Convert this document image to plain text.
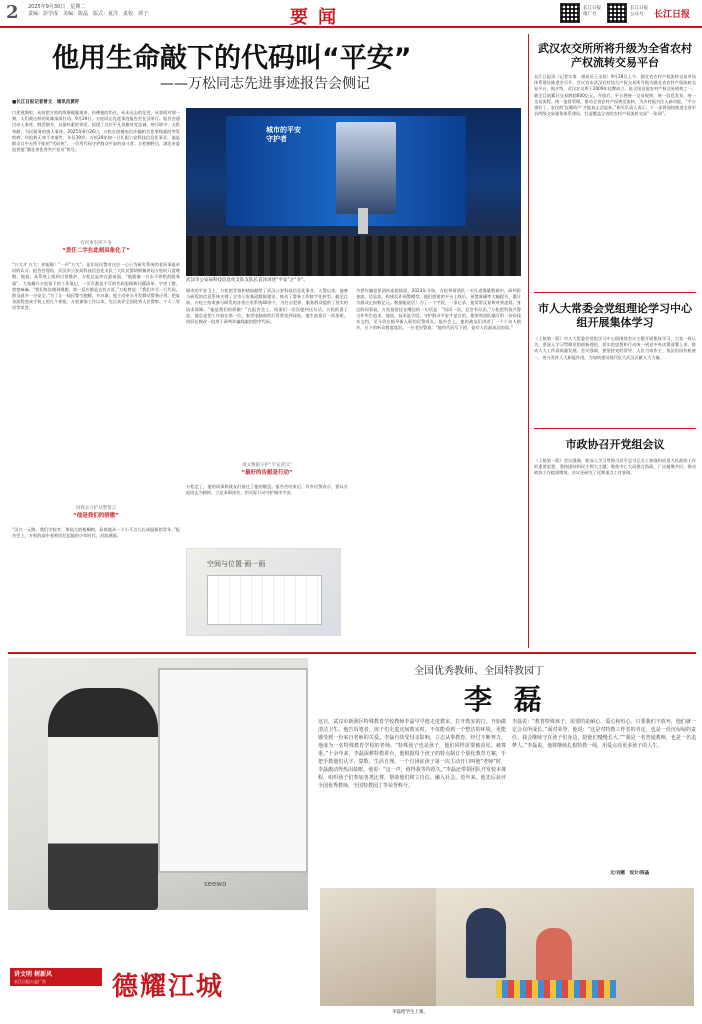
2 2025年9月30日　星期二
责编：彭学成　美编：陈晶　版式：夏洋　责校：谭子	要闻	长江日报
推广号
长江日报
公众号	长江日报
他用生命敲下的代码叫“平安”
——万松同志先进事迹报告会侧记
■长江日报记者曾文　通讯员黄轩
口述视频里，从何把万松的故事娓娓道来，仿佛他的仍在，从未远去的足迹，从容面对那一刻，人们被这样的英雄深深打动。9月29日，万松同志先进事迹报告会在汉举行。报告会通过动人事迹、鲜活细节，以最朴素的讲述，再现了这位平凡英雄对党忠诚、恪尽职守、无私奉献、为民服务的感人事迹。2025年8月26日，万松在批捕电信诈骗相关犯罪线索时突发疾病，经抢救无效不幸逝世，年仅39岁。万松28年如一日扎根公安科技信息化事业，他是群众口中无所不能的“代码侠”，一位用代码守护群众平安的奋斗者。万松牺牲后，湖北省委追授他“湖北省优秀共产党员”称号。
有何事有所不争
“责任二字在此刻具象化了”
“万大才 万大！你能顺！”一声“万大”，是年轻民警对这位一心只为研究系统的老同事最亲切的认可。报告会现场，武汉市公安局科技信息化支队三大队民警胡炳楠讲起万松时几度哽咽。他说，从系统上线到日常维护，万松总是冲在最前面，“他就像一台永不停机的服务器”。大家翻开万松留下的工作笔记，一页页都是手写的代码思路和问题清单，字迹工整、密密麻麻。“我们每次遇到难题，第一反应都是去找万哥。”万松曾说：“我们多写一行代码，群众就多一分安全。”为了让一线民警少跑腿、多办事，他主动牵头开发移动警务应用，把复杂流程变成手机上的几个按钮。万松参加工作以来，先后获评全国优秀人民警察、个人二等功等荣誉。
用我去守护从警誓言
“他是我们的骄傲”
“汉口一元路，我们学校旁，那高大的梧桐树，看着他从一个小不点儿长成挺拔的青年。”报告会上，万松的高中老师回忆起他的少年时代，泪流满面。
城市的平安
守护者
武汉市公安局科技信息化支队支队长袁泽讲述“平安”之“争”。
城市的平安卫士，万松把青春和热血献给了武汉公安科技信息化事业。入警以来，他参与研发的信息系统支撑了全市公安基础数据建设，推动了警务工作数字化转型。截至目前，万松主持或参与研发的各类应用系统40余个，为打击犯罪、服务群众提供了坚实的技术保障。“他是我们的骄傲！”在报告会上，同事们一次次提到这句话。万松的妻子说，他总是把工作放在第一位，家里电脑前的灯常常亮到深夜。他生前最后一次加班，依旧在修改一段用于研判诈骗线索的程序代码。
用文数据守护“平安武汉”
“最好的告慰是行动”
万松走了，他的同事和战友们接过了他的键盘。报告会结束后，许多民警表示，要以万松同志为榜样，立足本职岗位，用实际行动守护城市平安。
为把诈骗犯罪团伙连根拔起，2023年开始，万松带着团队一头扎进海量数据中，研判资金流、信息流，构建反诈预警模型。他们搭建的平台上线后，预警准确率大幅提升，累计为群众止损数亿元。数据能说话！为了一个字段、一条记录，他常常反复核对到凌晨。身边的同事说，万松最常挂在嘴边的一句话是：“再试一次，总会有办法。”万松把科技兴警当作毕生追求，他说，技术是手段，守护群众平安才是目的。他带领团队编写的一份份技术文档，至今仍在指导新入职的民警成长。报告会上，他的战友们讲述了一个个动人细节，台下的听众数度落泪。一位老民警说：“他用代码写下的，是对人民最深沉的爱。”
空间与位置·画一画
武汉农交所所将升级为全省农村产权流转交易平台
长江日报讯（记者实事　通讯员王永恒）9月28日上午，湖北省农村产权流转交易市场体系建设推进会召开，会议宣布武汉农村综合产权交易所升级为湖北省农村产权流转交易平台。据介绍，武汉农交所于2009年挂牌成立，是全国首批农村产权交易机构之一，截至目前累计交易额超600亿元。升级后，平台将统一交易规则、统一信息发布、统一交易流程、统一监督管理，推动全省农村产权规范流转，为乡村振兴注入新动能。“平台建好了，农民的‘沉睡资产’才能真正活起来。”相关负责人表示，下一步将加快推进全省市县两级交易服务体系建设，打造覆盖全省的农村产权流转交易“一张网”。
市人大常委会党组理论学习中心组开展集体学习
（上接第一版）市人大常委会党组学习中心组围绕会议主题开展集体学习，大家一致认为，要深入学习贯彻党的创新理论，切实把思想和行动统一到党中央决策部署上来，推动人大工作高质量发展。会议强调，要坚持党的领导、人民当家作主、依法治国有机统一，充分发挥人大职能作用，为加快建设现代化大武汉贡献人大力量。
市政协召开党组会议
（上接第一版）会议强调，要深入学习贯彻习近平总书记关于加强和改进人民政协工作的重要思想，坚持团结和民主两大主题，聚焦中心大局建言资政，广泛凝聚共识，推动政协工作提质增效。会议还研究了近期重点工作安排。
seewo
全国优秀教师、全国特教园丁
李 磊
这日，武汉市新洲区特殊教育学校教师李磊早早地走进教室，打开教室的门，开始做清洁卫生。他告诉笔者，孩子们走进这间教室时，不仅能看到一个整洁的环境，更能感受到一份来自老师的关爱。李磊自幼受母亲影响，立志从事教育。经过不断努力，他成为一名特殊教育学校的老师。“特殊孩子也是孩子，他们同样需要被看见、被尊重。”十余年来，李磊深耕特教讲台，他根据每个孩子的特点制订个别化教育方案，手把手教他们认字、算数、生活自理。一个自闭症孩子第一次主动开口叫他“老师”时，李磊激动得热泪盈眶。他说：“这一声，值得我等待很久。”李磊还带领团队开发校本课程，组织孩子们参加各类比赛，帮助他们树立自信、融入社会。近年来，他先后获评全国优秀教师、全国特教园丁等荣誉称号。
李磊说：“教育特殊孩子，需要的是耐心、爱心和恒心。只要我们不放弃，他们就一定会有所成长。”面对荣誉，他说：“这是对特教工作者的肯定，也是一份沉甸甸的责任。我会继续守在孩子们身边，陪他们慢慢长大。”“我是一名普通教师，也是一名追梦人。”李磊说，他将继续扎根特教一线，用爱点亮更多孩子的人生。
文/刘惠　设计/陈晶
李磊给学生上课。
讲文明 树新风
长江日报公益广告	德耀江城
